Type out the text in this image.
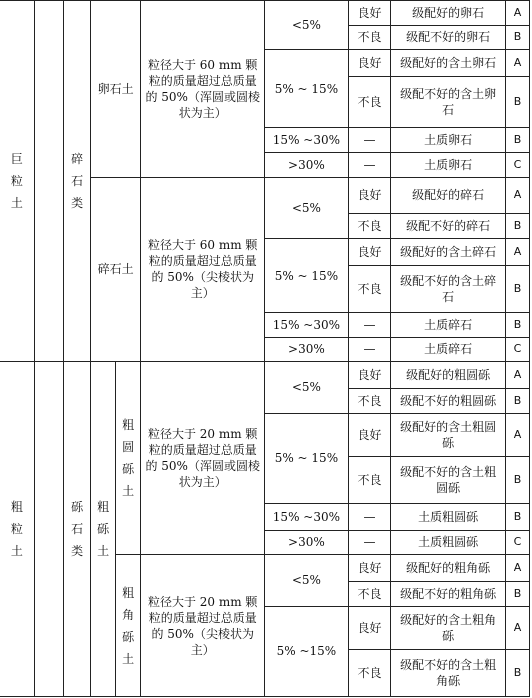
巨粒土		碎石类	卵石土		粒径大于 60 mm 颗粒的质量超过总质量的 50%（浑圆或圆棱状为主）	<5%	良好	级配好的卵石	A
							不良	级配不好的卵石	B
						5% ~ 15%	良好	级配好的含土卵石	A
							不良	级配不好的含土卵石	B
						15% ~30%	—	土质卵石	B
						>30%	—	土质卵石	C
			碎石土		粒径大于 60 mm 颗粒的质量超过总质量的 50%（尖棱状为主）	<5%	良好	级配好的碎石	A
							不良	级配不好的碎石	B
						5% ~ 15%	良好	级配好的含土碎石	A
							不良	级配不好的含土碎石	B
						15% ~30%	—	土质碎石	B
						>30%	—	土质碎石	C
粗粒土		砾石类	粗砾土	粗圆砾土	粒径大于 20 mm 颗粒的质量超过总质量的 50%（浑圆或圆棱状为主）	<5%	良好	级配好的粗圆砾	A
							不良	级配不好的粗圆砾	B
						5% ~ 15%	良好	级配好的含土粗圆砾	A
							不良	级配不好的含土粗圆砾	B
						15% ~30%	—	土质粗圆砾	B
						>30%	—	土质粗圆砾	C
				粗角砾土	粒径大于 20 mm 颗粒的质量超过总质量的 50%（尖棱状为主）	<5%	良好	级配好的粗角砾	A
							不良	级配不好的粗角砾	B
						5% ~15%	良好	级配好的含土粗角砾	A
							不良	级配不好的含土粗角砾	B
